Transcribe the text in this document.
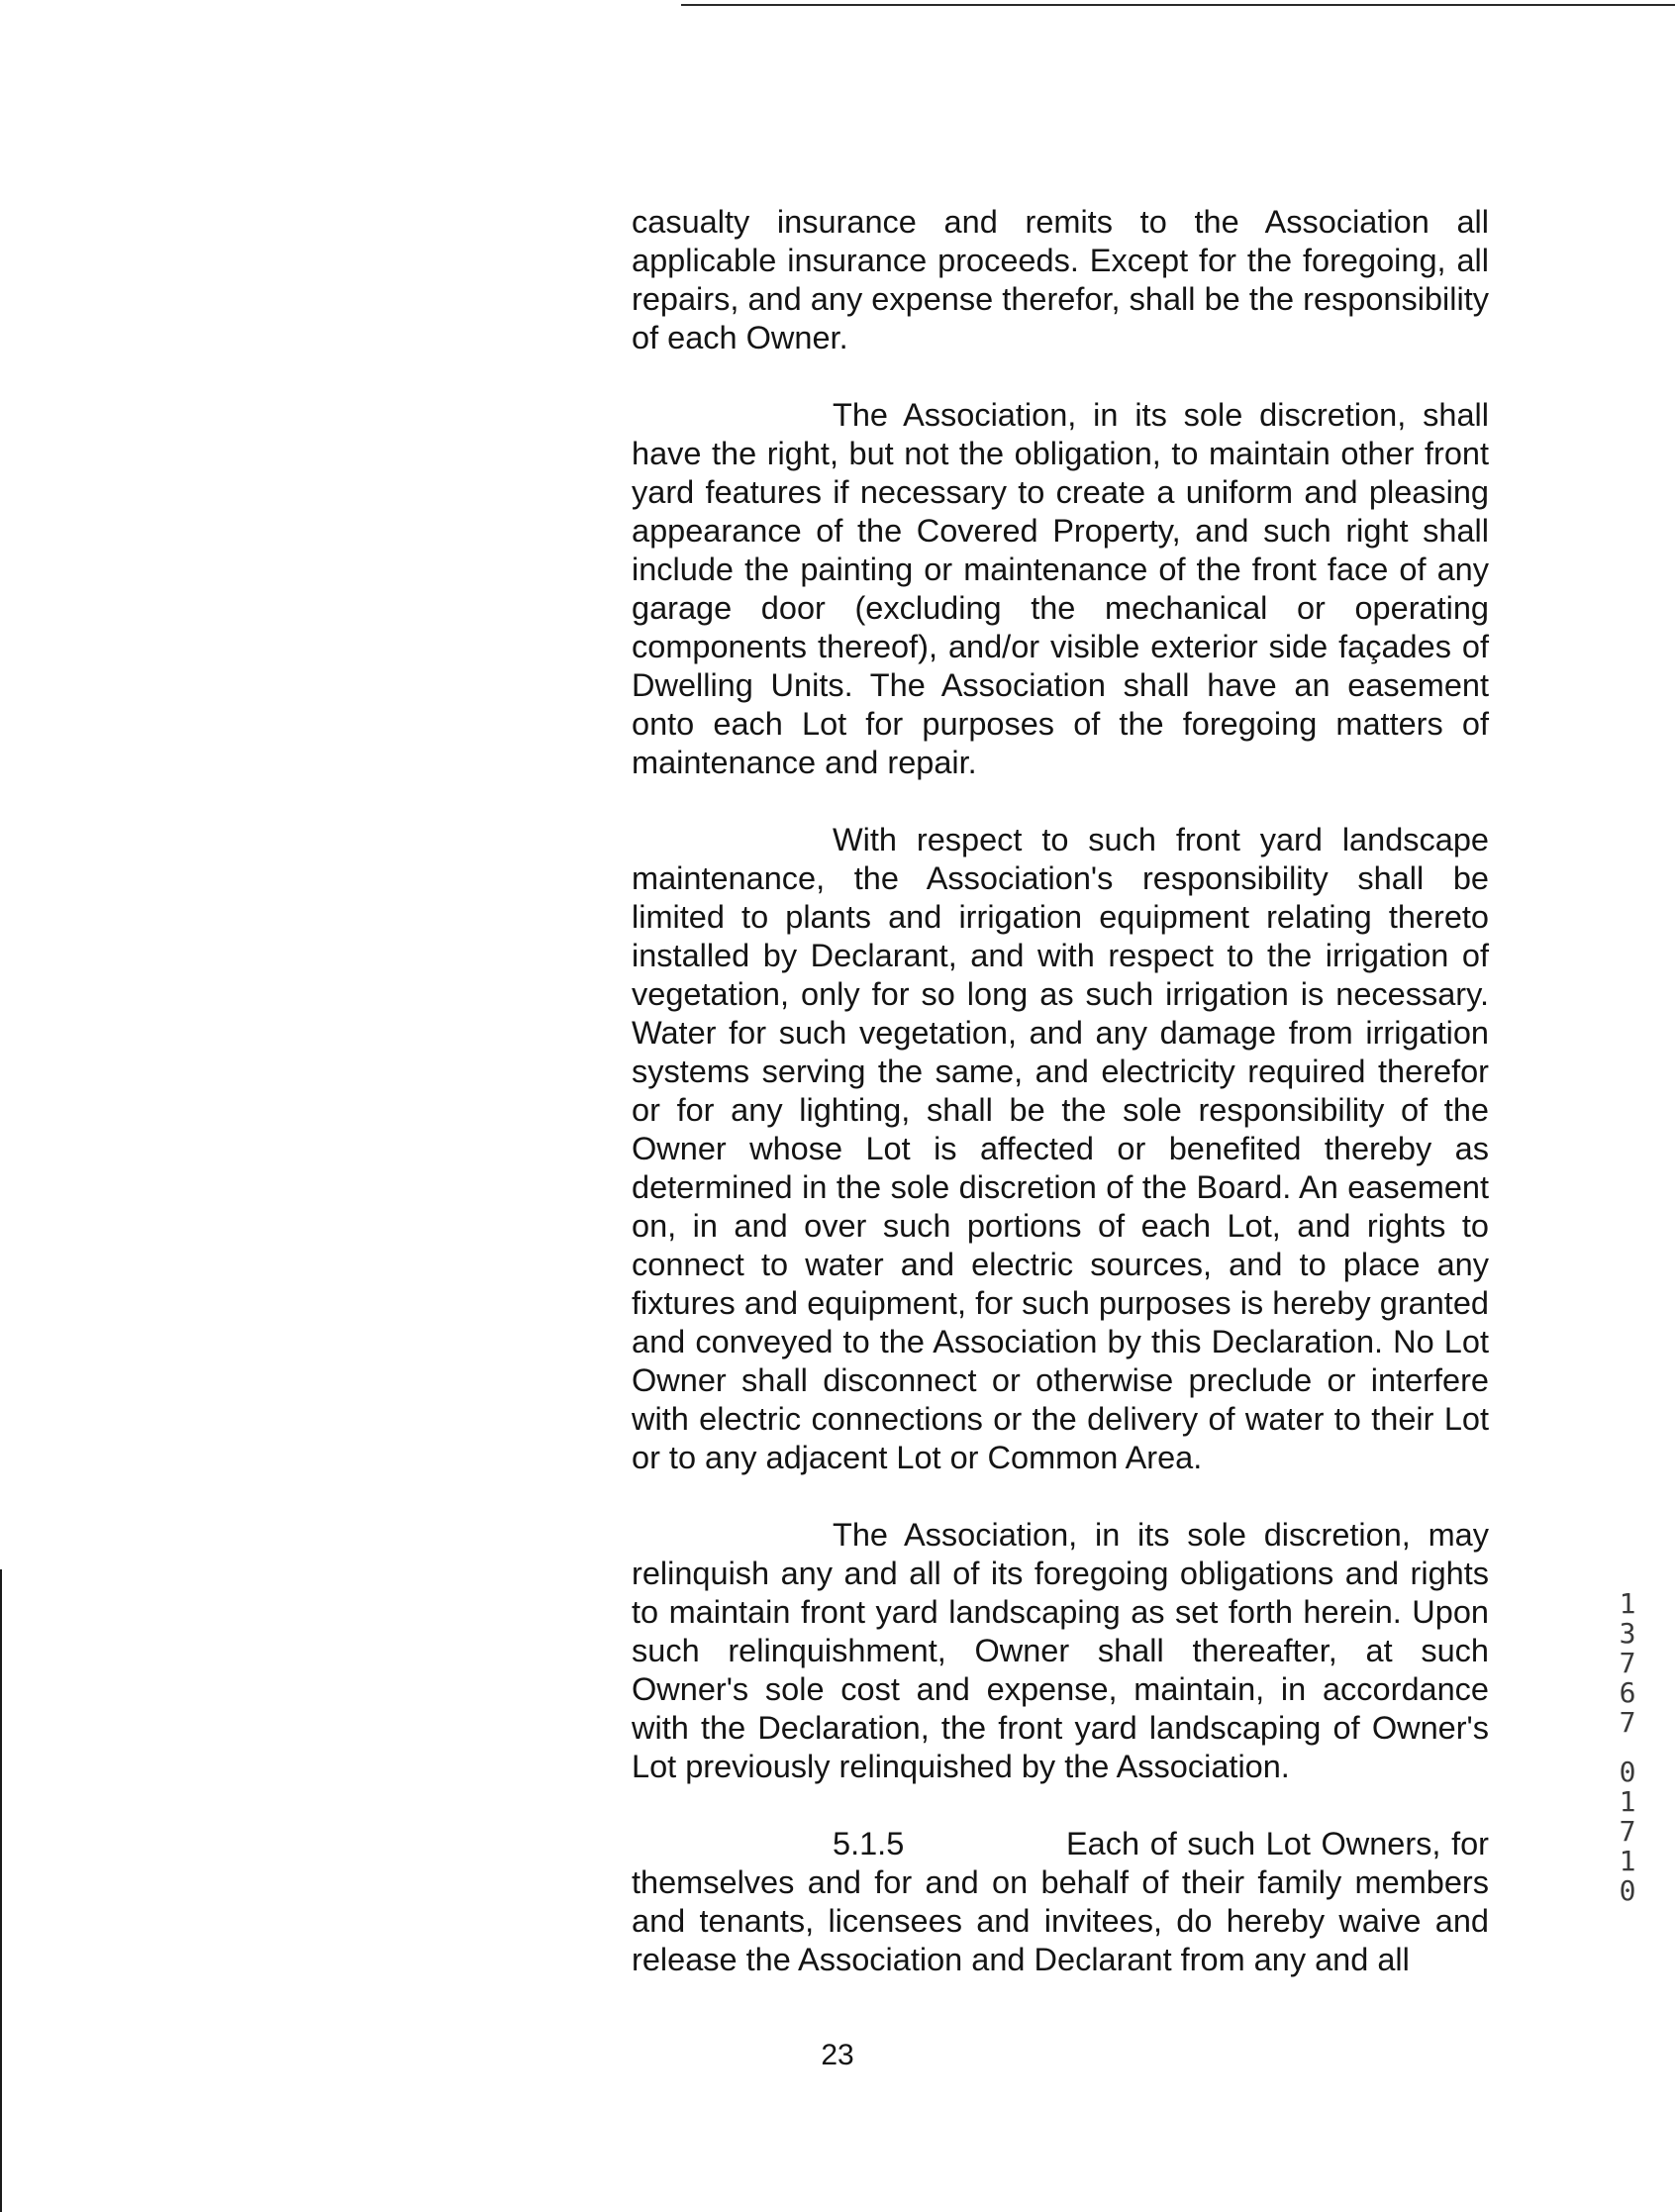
casualty insurance and remits to the Association all applicable insurance proceeds. Except for the foregoing, all repairs, and any expense therefor, shall be the responsibility of each Owner.

The Association, in its sole discretion, shall have the right, but not the obligation, to maintain other front yard features if necessary to create a uniform and pleasing appearance of the Covered Property, and such right shall include the painting or maintenance of the front face of any garage door (excluding the mechanical or operating components thereof), and/or visible exterior side façades of Dwelling Units. The Association shall have an easement onto each Lot for purposes of the foregoing matters of maintenance and repair.

With respect to such front yard landscape maintenance, the Association's responsibility shall be limited to plants and irrigation equipment relating thereto installed by Declarant, and with respect to the irrigation of vegetation, only for so long as such irrigation is necessary. Water for such vegetation, and any damage from irrigation systems serving the same, and electricity required therefor or for any lighting, shall be the sole responsibility of the Owner whose Lot is affected or benefited thereby as determined in the sole discretion of the Board. An easement on, in and over such portions of each Lot, and rights to connect to water and electric sources, and to place any fixtures and equipment, for such purposes is hereby granted and conveyed to the Association by this Declaration. No Lot Owner shall disconnect or otherwise preclude or interfere with electric connections or the delivery of water to their Lot or to any adjacent Lot or Common Area.

The Association, in its sole discretion, may relinquish any and all of its foregoing obligations and rights to maintain front yard landscaping as set forth herein. Upon such relinquishment, Owner shall thereafter, at such Owner's sole cost and expense, maintain, in accordance with the Declaration, the front yard landscaping of Owner's Lot previously relinquished by the Association.

5.1.5	Each of such Lot Owners, for themselves and for and on behalf of their family members and tenants, licensees and invitees, do hereby waive and release the Association and Declarant from any and all

1
3
7
6
7
0
1
7
1
0
23
